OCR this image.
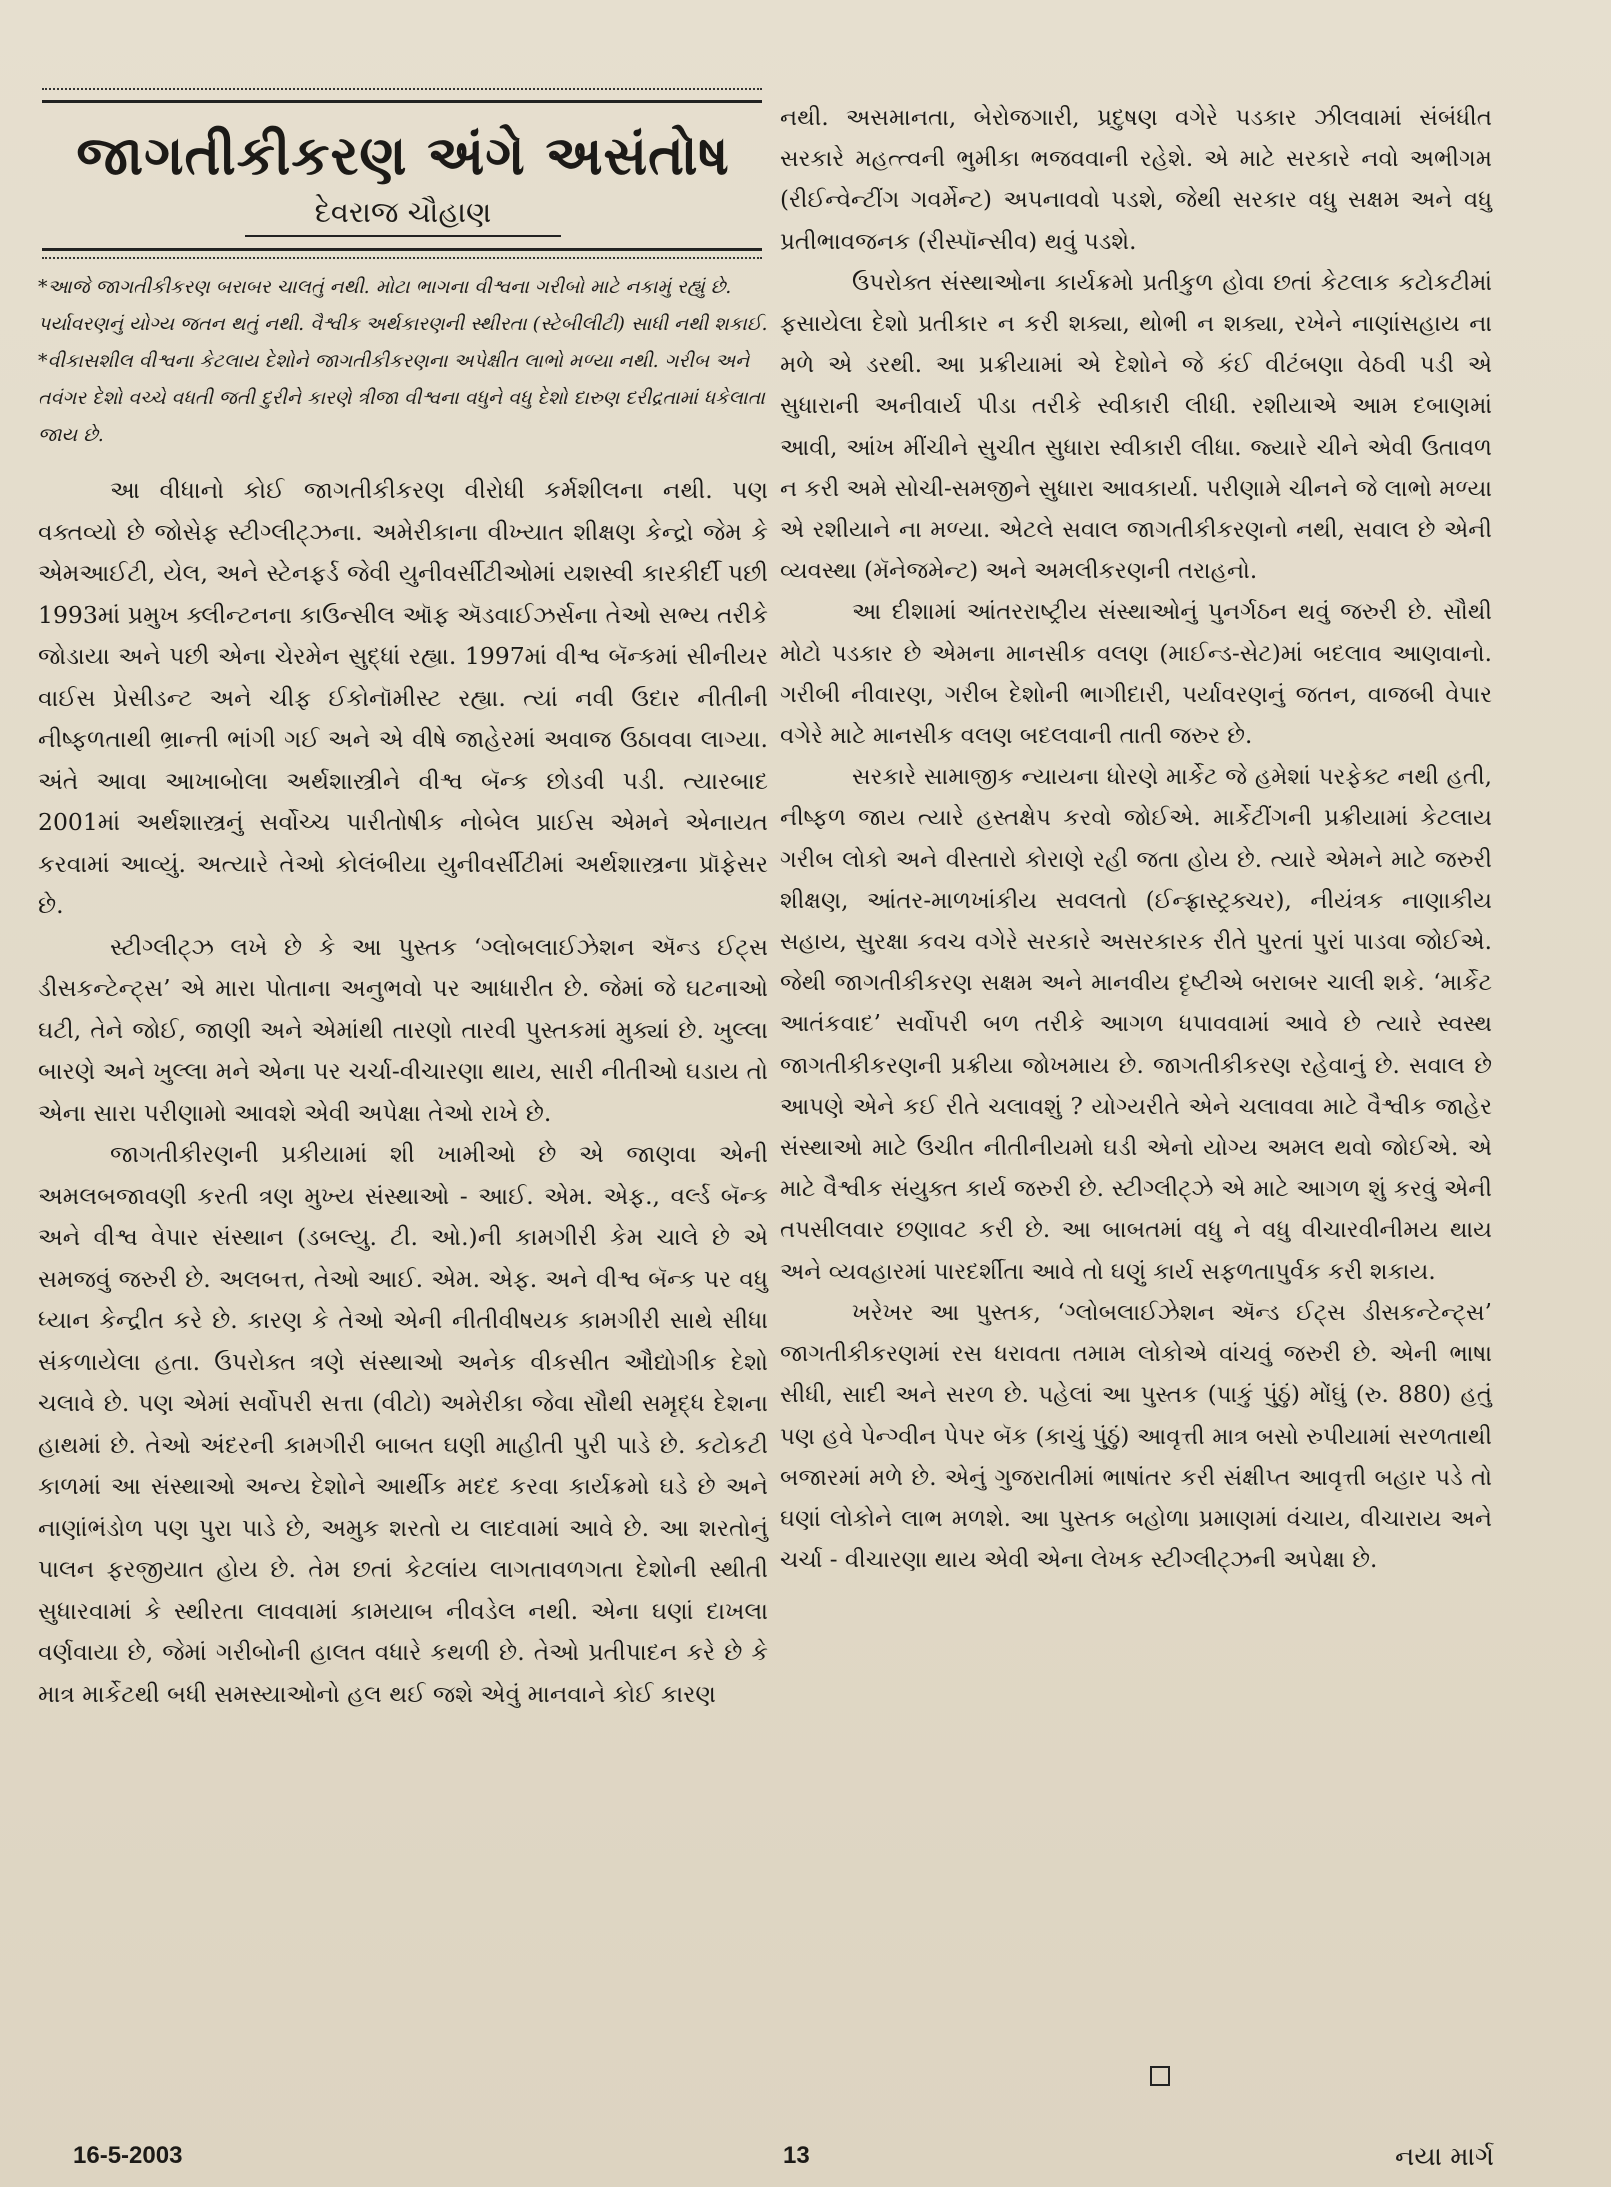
જાગતીકીકરણ અંગે અસંતોષ
દેવરાજ ચૌહાણ

*આજે જાગતીકીકરણ બરાબર ચાલતું નથી. મોટા ભાગના વીશ્વના ગરીબો માટે નકામું રહ્યું છે. પર્યાવરણનું યોગ્ય જતન થતું નથી. વૈશ્વીક અર્થકારણની સ્થીરતા (સ્ટેબીલીટી) સાધી નથી શકાઈ.

*વીકાસશીલ વીશ્વના કેટલાય દેશોને જાગતીકીકરણના અપેક્ષીત લાભો મળ્યા નથી. ગરીબ અને તવંગર દેશો વચ્ચે વધતી જતી દુરીને કારણે ત્રીજા વીશ્વના વધુને વધુ દેશો દારુણ દરીદ્રતામાં ધકેલાતા જાય છે.

આ વીધાનો કોઈ જાગતીકીકરણ વીરોધી કર્મશીલના નથી. પણ વક્તવ્યો છે જોસેફ સ્ટીગ્લીટ્ઝના. અમેરીકાના વીખ્યાત શીક્ષણ કેન્દ્રો જેમ કે એમઆઈટી, યેલ, અને સ્ટેનફર્ડ જેવી યુનીવર્સીટીઓમાં યશસ્વી કારકીર્દી પછી 1993માં પ્રમુખ ક્લીન્ટનના કાઉન્સીલ ઑફ ઍડવાઈઝર્સના તેઓ સભ્ય તરીકે જોડાયા અને પછી એના ચેરમેન સુદ્ધાં રહ્યા. 1997માં વીશ્વ બૅન્કમાં સીનીયર વાઈસ પ્રેસીડન્ટ અને ચીફ ઈકોનૉમીસ્ટ રહ્યા. ત્યાં નવી ઉદાર નીતીની નીષ્ફળતાથી ભ્રાન્તી ભાંગી ગઈ અને એ વીષે જાહેરમાં અવાજ ઉઠાવવા લાગ્યા. અંતે આવા આખાબોલા અર્થશાસ્ત્રીને વીશ્વ બૅન્ક છોડવી પડી. ત્યારબાદ 2001માં અર્થશાસ્ત્રનું સર્વોચ્ચ પારીતોષીક નોબેલ પ્રાઈસ એમને એનાયત કરવામાં આવ્યું. અત્યારે તેઓ કોલંબીયા યુનીવર્સીટીમાં અર્થશાસ્ત્રના પ્રૉફેસર છે.

સ્ટીગ્લીટ્ઝ લખે છે કે આ પુસ્તક ‘ગ્લોબલાઈઝેશન ઍન્ડ ઈટ્સ ડીસકન્ટેન્ટ્સ’ એ મારા પોતાના અનુભવો પર આધારીત છે. જેમાં જે ઘટનાઓ ઘટી, તેને જોઈ, જાણી અને એમાંથી તારણો તારવી પુસ્તકમાં મુક્યાં છે. ખુલ્લા બારણે અને ખુલ્લા મને એના પર ચર્ચા-વીચારણા થાય, સારી નીતીઓ ઘડાય તો એના સારા પરીણામો આવશે એવી અપેક્ષા તેઓ રાખે છે.

જાગતીકીરણની પ્રકીયામાં શી ખામીઓ છે એ જાણવા એની અમલબજાવણી કરતી ત્રણ મુખ્ય સંસ્થાઓ - આઈ. એમ. એફ., વર્લ્ડ બૅન્ક અને વીશ્વ વેપાર સંસ્થાન (ડબલ્યુ. ટી. ઓ.)ની કામગીરી કેમ ચાલે છે એ સમજવું જરુરી છે. અલબત્ત, તેઓ આઈ. એમ. એફ. અને વીશ્વ બૅન્ક પર વધુ ધ્યાન કેન્દ્રીત કરે છે. કારણ કે તેઓ એની નીતીવીષયક કામગીરી સાથે સીધા સંકળાયેલા હતા. ઉપરોક્ત ત્રણે સંસ્થાઓ અનેક વીકસીત ઔદ્યોગીક દેશો ચલાવે છે. પણ એમાં સર્વોપરી સત્તા (વીટો) અમેરીકા જેવા સૌથી સમૃદ્ધ દેશના હાથમાં છે. તેઓ અંદરની કામગીરી બાબત ઘણી માહીતી પુરી પાડે છે. કટોકટી કાળમાં આ સંસ્થાઓ અન્ય દેશોને આર્થીક મદદ કરવા કાર્યક્રમો ઘડે છે અને નાણાંભંડોળ પણ પુરા પાડે છે, અમુક શરતો ય લાદવામાં આવે છે. આ શરતોનું પાલન ફરજીયાત હોય છે. તેમ છતાં કેટલાંય લાગતાવળગતા દેશોની સ્થીતી સુધારવામાં કે સ્થીરતા લાવવામાં કામયાબ નીવડેલ નથી. એના ઘણાં દાખલા વર્ણવાયા છે, જેમાં ગરીબોની હાલત વધારે કથળી છે. તેઓ પ્રતીપાદન કરે છે કે માત્ર માર્કેટથી બધી સમસ્યાઓનો હલ થઈ જશે એવું માનવાને કોઈ કારણ

નથી. અસમાનતા, બેરોજગારી, પ્રદુષણ વગેરે પડકાર ઝીલવામાં સંબંધીત સરકારે મહત્ત્વની ભુમીકા ભજવવાની રહેશે. એ માટે સરકારે નવો અભીગમ (રીઈન્વેન્ટીંગ ગવર્મેન્ટ) અપનાવવો પડશે, જેથી સરકાર વધુ સક્ષમ અને વધુ પ્રતીભાવજનક (રીસ્પૉન્સીવ) થવું પડશે.

ઉપરોક્ત સંસ્થાઓના કાર્યક્રમો પ્રતીકુળ હોવા છતાં કેટલાક કટોકટીમાં ફસાયેલા દેશો પ્રતીકાર ન કરી શક્યા, થોભી ન શક્યા, રખેને નાણાંસહાય ના મળે એ ડરથી. આ પ્રક્રીયામાં એ દેશોને જે કંઈ વીટંબણા વેઠવી પડી એ સુધારાની અનીવાર્ય પીડા તરીકે સ્વીકારી લીધી. રશીયાએ આમ દબાણમાં આવી, આંખ મીંચીને સુચીત સુધારા સ્વીકારી લીધા. જ્યારે ચીને એવી ઉતાવળ ન કરી અમે સોચી-સમજીને સુધારા આવકાર્યા. પરીણામે ચીનને જે લાભો મળ્યા એ રશીયાને ના મળ્યા. એટલે સવાલ જાગતીકીકરણનો નથી, સવાલ છે એની વ્યવસ્થા (મૅનેજમેન્ટ) અને અમલીકરણની તરાહનો.

આ દીશામાં આંતરરાષ્ટ્રીય સંસ્થાઓનું પુનર્ગઠન થવું જરુરી છે. સૌથી મોટો પડકાર છે એમના માનસીક વલણ (માઈન્ડ-સેટ)માં બદલાવ આણવાનો. ગરીબી નીવારણ, ગરીબ દેશોની ભાગીદારી, પર્યાવરણનું જતન, વાજબી વેપાર વગેરે માટે માનસીક વલણ બદલવાની તાતી જરુર છે.

સરકારે સામાજીક ન્યાયના ધોરણે માર્કેટ જે હમેશાં પરફેક્ટ નથી હતી, નીષ્ફળ જાય ત્યારે હસ્તક્ષેપ કરવો જોઈએ. માર્કેટીંગની પ્રક્રીયામાં કેટલાય ગરીબ લોકો અને વીસ્તારો કોરાણે રહી જતા હોય છે. ત્યારે એમને માટે જરુરી શીક્ષણ, આંતર-માળખાંકીય સવલતો (ઈન્ફ્રાસ્ટ્રક્ચર), નીયંત્રક નાણાકીય સહાય, સુરક્ષા કવચ વગેરે સરકારે અસરકારક રીતે પુરતાં પુરાં પાડવા જોઈએ. જેથી જાગતીકીકરણ સક્ષમ અને માનવીય દૃષ્ટીએ બરાબર ચાલી શકે. ‘માર્કેટ આતંકવાદ’ સર્વોપરી બળ તરીકે આગળ ધપાવવામાં આવે છે ત્યારે સ્વસ્થ જાગતીકીકરણની પ્રક્રીયા જોખમાય છે. જાગતીકીકરણ રહેવાનું છે. સવાલ છે આપણે એને કઈ રીતે ચલાવશું ? યોગ્યરીતે એને ચલાવવા માટે વૈશ્વીક જાહેર સંસ્થાઓ માટે ઉચીત નીતીનીયમો ઘડી એનો યોગ્ય અમલ થવો જોઈએ. એ માટે વૈશ્વીક સંયુક્ત કાર્ય જરુરી છે. સ્ટીગ્લીટ્ઝે એ માટે આગળ શું કરવું એની તપસીલવાર છણાવટ કરી છે. આ બાબતમાં વધુ ને વધુ વીચારવીનીમય થાય અને વ્યવહારમાં પારદર્શીતા આવે તો ઘણું કાર્ય સફળતાપુર્વક કરી શકાય.

ખરેખર આ પુસ્તક, ‘ગ્લોબલાઈઝેશન ઍન્ડ ઈટ્સ ડીસકન્ટેન્ટ્સ’ જાગતીકીકરણમાં રસ ધરાવતા તમામ લોકોએ વાંચવું જરુરી છે. એની ભાષા સીધી, સાદી અને સરળ છે. પહેલાં આ પુસ્તક (પાકું પુંઠું) મોંઘું (રુ. 880) હતું પણ હવે પેન્ગ્વીન પેપર બૅક (કાચું પુંઠું) આવૃત્તી માત્ર બસો રુપીયામાં સરળતાથી બજારમાં મળે છે. એનું ગુજરાતીમાં ભાષાંતર કરી સંક્ષીપ્ત આવૃત્તી બહાર પડે તો ઘણાં લોકોને લાભ મળશે. આ પુસ્તક બહોળા પ્રમાણમાં વંચાય, વીચારાય અને ચર્ચા - વીચારણા થાય એવી એના લેખક સ્ટીગ્લીટ્ઝની અપેક્ષા છે.

16-5-2003	13	નયા માર્ગ
